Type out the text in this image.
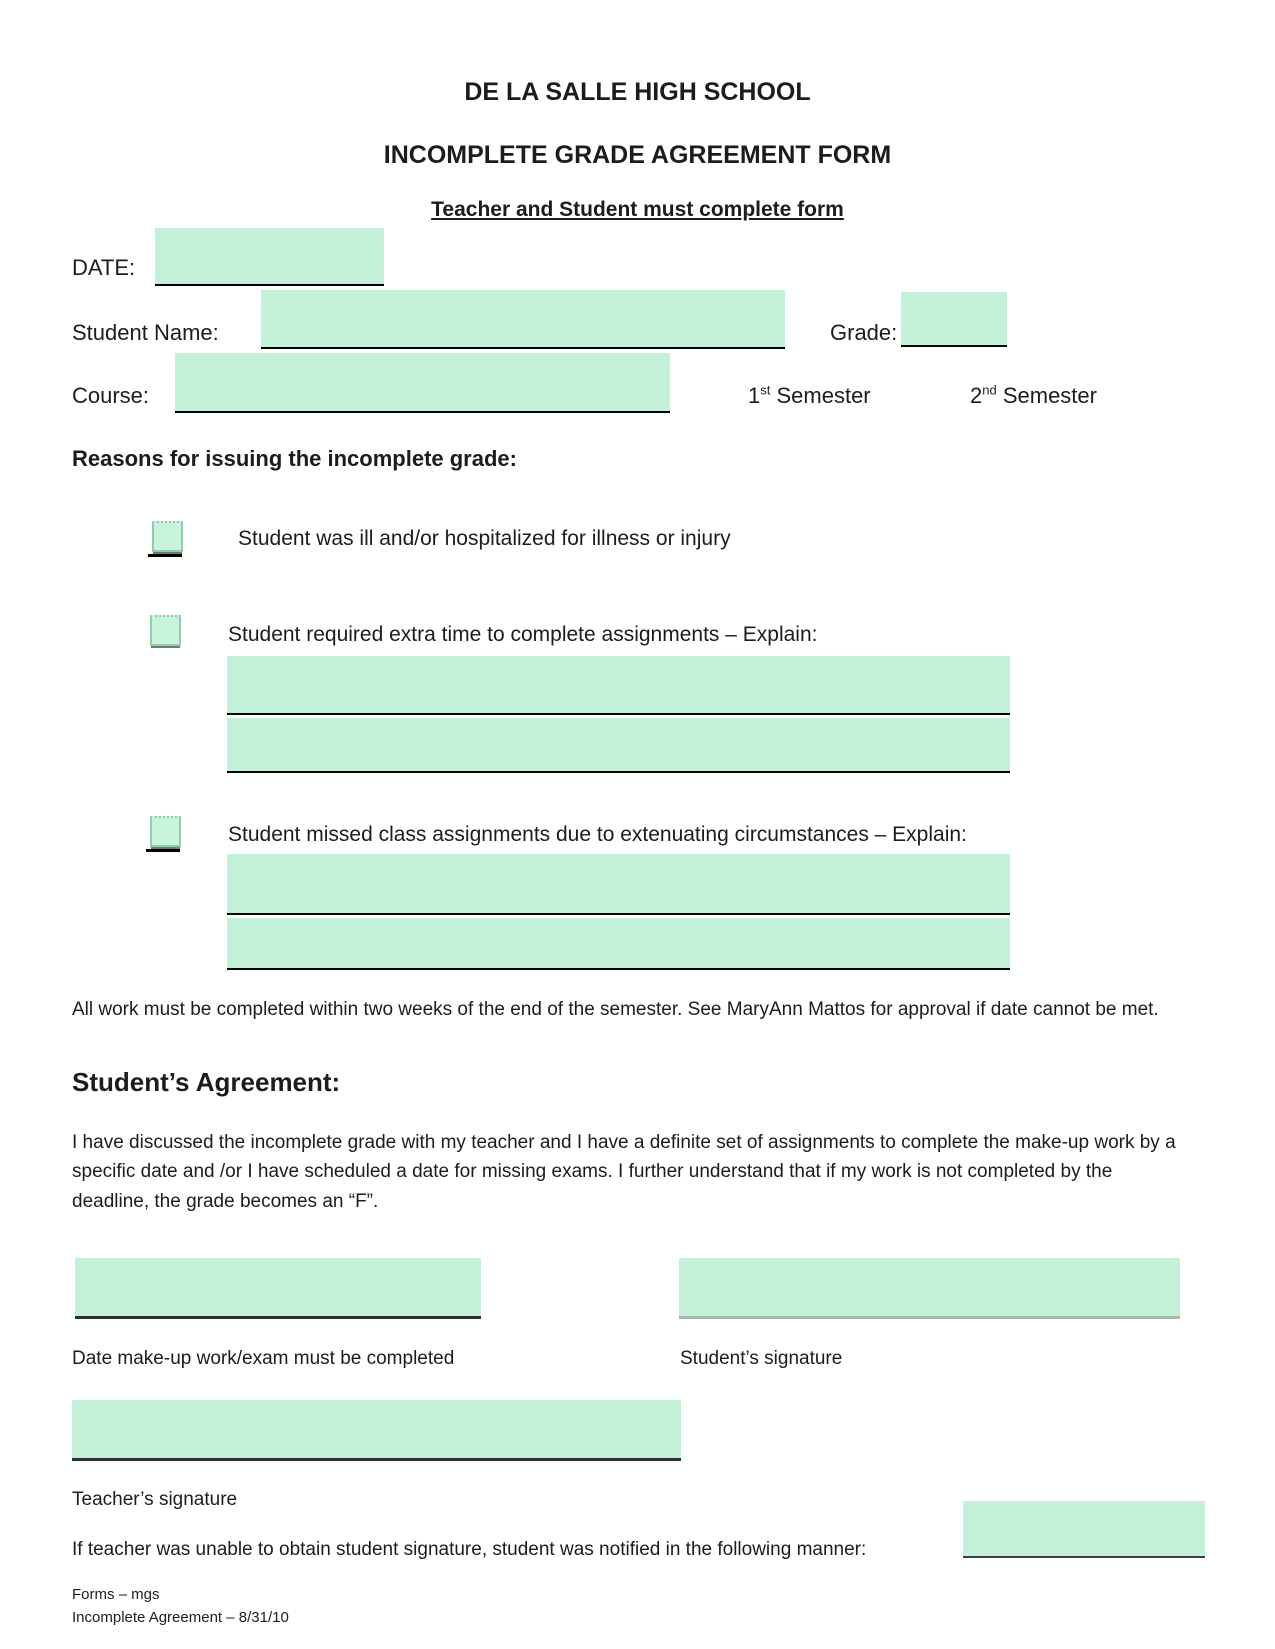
DE LA SALLE HIGH SCHOOL
INCOMPLETE GRADE AGREEMENT FORM
Teacher and Student must complete form
DATE:
Student Name:	Grade:
Course:	1st Semester	2nd Semester
Reasons for issuing the incomplete grade:
Student was ill and/or hospitalized for illness or injury
Student required extra time to complete assignments – Explain:
Student missed class assignments due to extenuating circumstances – Explain:
All work must be completed within two weeks of the end of the semester. See MaryAnn Mattos for approval if date cannot be met.
Student’s Agreement:
I have discussed the incomplete grade with my teacher and I have a definite set of assignments to complete the make-up work by a specific date and /or I have scheduled a date for missing exams. I further understand that if my work is not completed by the deadline, the grade becomes an “F”.
Date make-up work/exam must be completed	Student’s signature
Teacher’s signature
If teacher was unable to obtain student signature, student was notified in the following manner:
Forms – mgs
Incomplete Agreement – 8/31/10
